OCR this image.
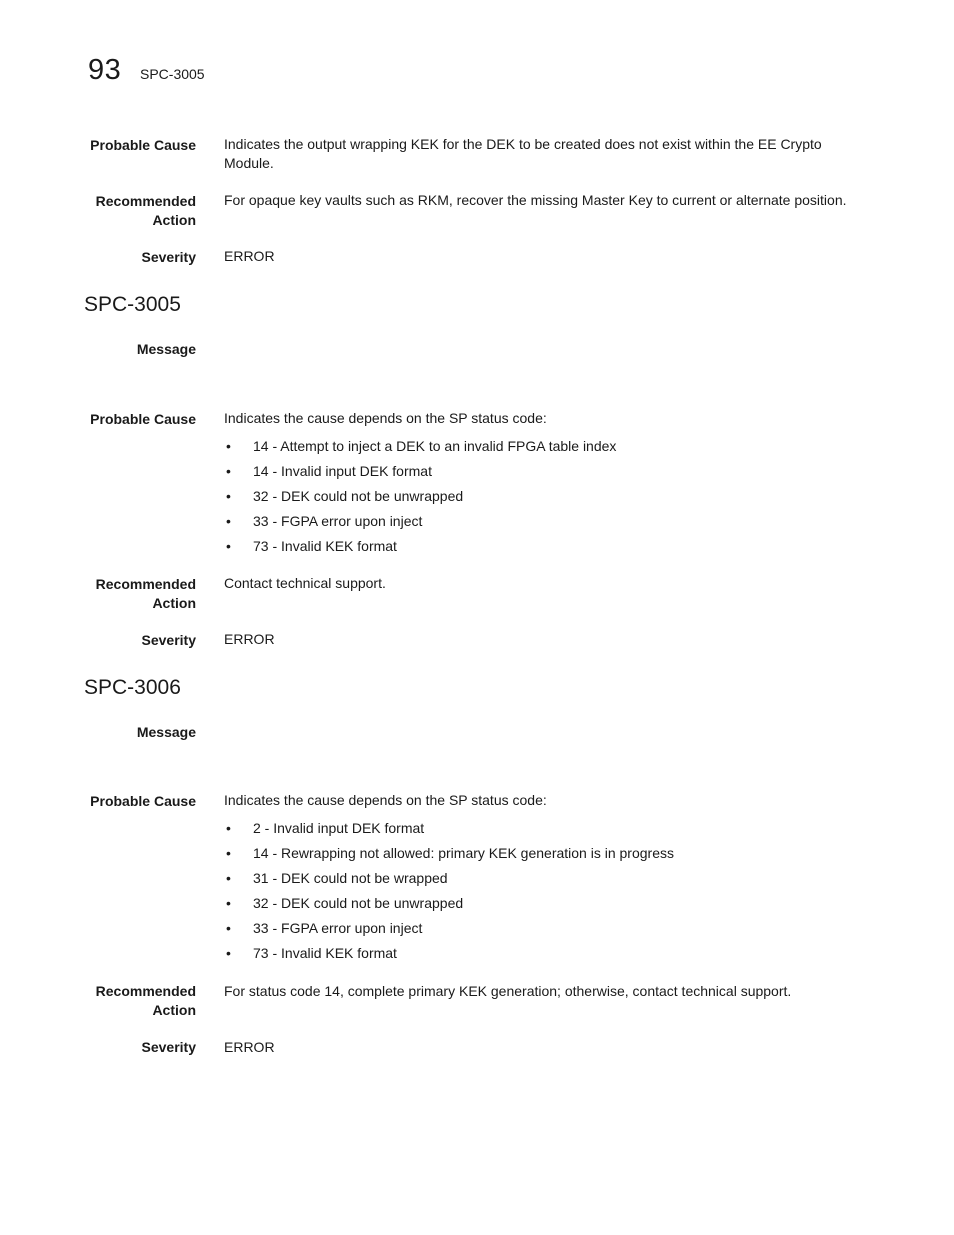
93 SPC-3005
Probable Cause Indicates the output wrapping KEK for the DEK to be created does not exist within the EE Crypto Module.
Recommended
Action
For opaque key vaults such as RKM, recover the missing Master Key to current or alternate position.
Severity ERROR
SPC-3005
Message
Probable Cause Indicates the cause depends on the SP status code:
• 14 - Attempt to inject a DEK to an invalid FPGA table index
• 14 - Invalid input DEK format
• 32 - DEK could not be unwrapped
• 33 - FGPA error upon inject
• 73 - Invalid KEK format
Recommended
Action
Contact technical support.
Severity ERROR
SPC-3006
Message
Probable Cause Indicates the cause depends on the SP status code:
• 2 - Invalid input DEK format
• 14 - Rewrapping not allowed: primary KEK generation is in progress
• 31 - DEK could not be wrapped
• 32 - DEK could not be unwrapped
• 33 - FGPA error upon inject
• 73 - Invalid KEK format
Recommended
Action
For status code 14, complete primary KEK generation; otherwise, contact technical support.
Severity ERROR
